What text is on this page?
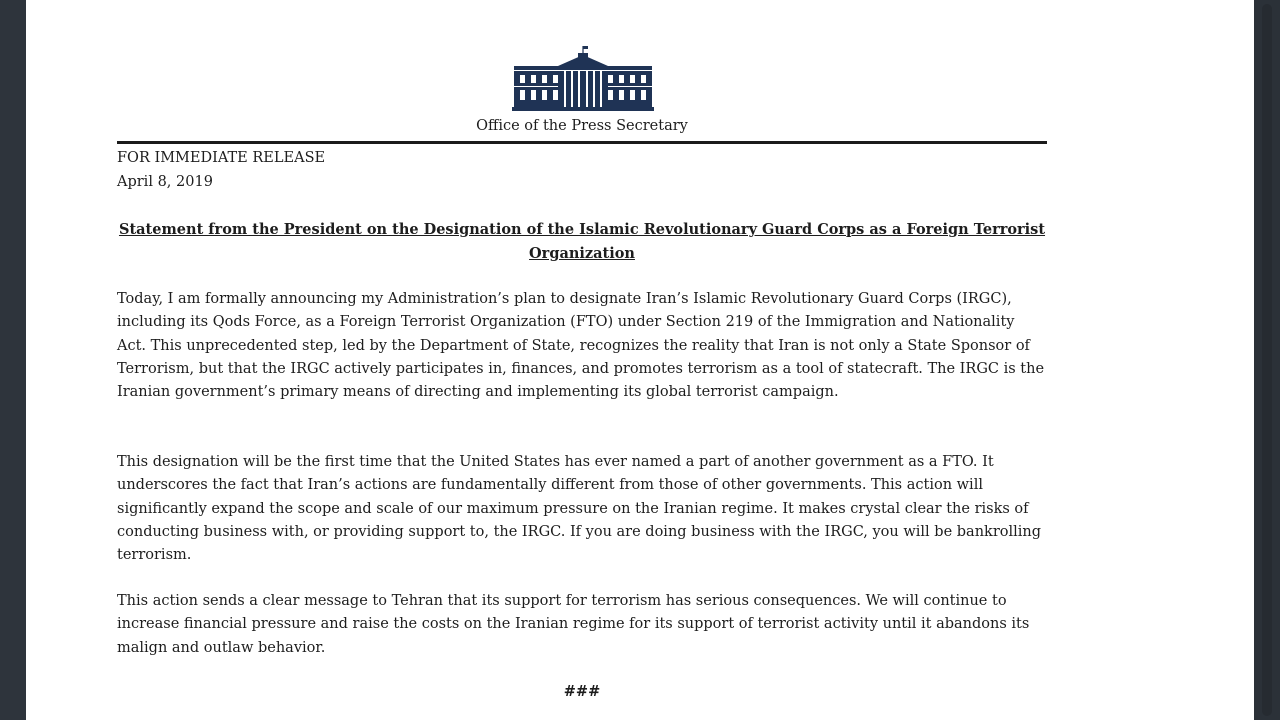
Office of the Press Secretary
FOR IMMEDIATE RELEASE
April 8, 2019
Statement from the President on the Designation of the Islamic Revolutionary Guard Corps as a Foreign Terrorist Organization

Today, I am formally announcing my Administration’s plan to designate Iran’s Islamic Revolutionary Guard Corps (IRGC), including its Qods Force, as a Foreign Terrorist Organization (FTO) under Section 219 of the Immigration and Nationality Act. This unprecedented step, led by the Department of State, recognizes the reality that Iran is not only a State Sponsor of Terrorism, but that the IRGC actively participates in, finances, and promotes terrorism as a tool of statecraft. The IRGC is the Iranian government’s primary means of directing and implementing its global terrorist campaign.

This designation will be the first time that the United States has ever named a part of another government as a FTO. It underscores the fact that Iran’s actions are fundamentally different from those of other governments. This action will significantly expand the scope and scale of our maximum pressure on the Iranian regime. It makes crystal clear the risks of conducting business with, or providing support to, the IRGC. If you are doing business with the IRGC, you will be bankrolling terrorism.

This action sends a clear message to Tehran that its support for terrorism has serious consequences. We will continue to increase financial pressure and raise the costs on the Iranian regime for its support of terrorist activity until it abandons its malign and outlaw behavior.

###
